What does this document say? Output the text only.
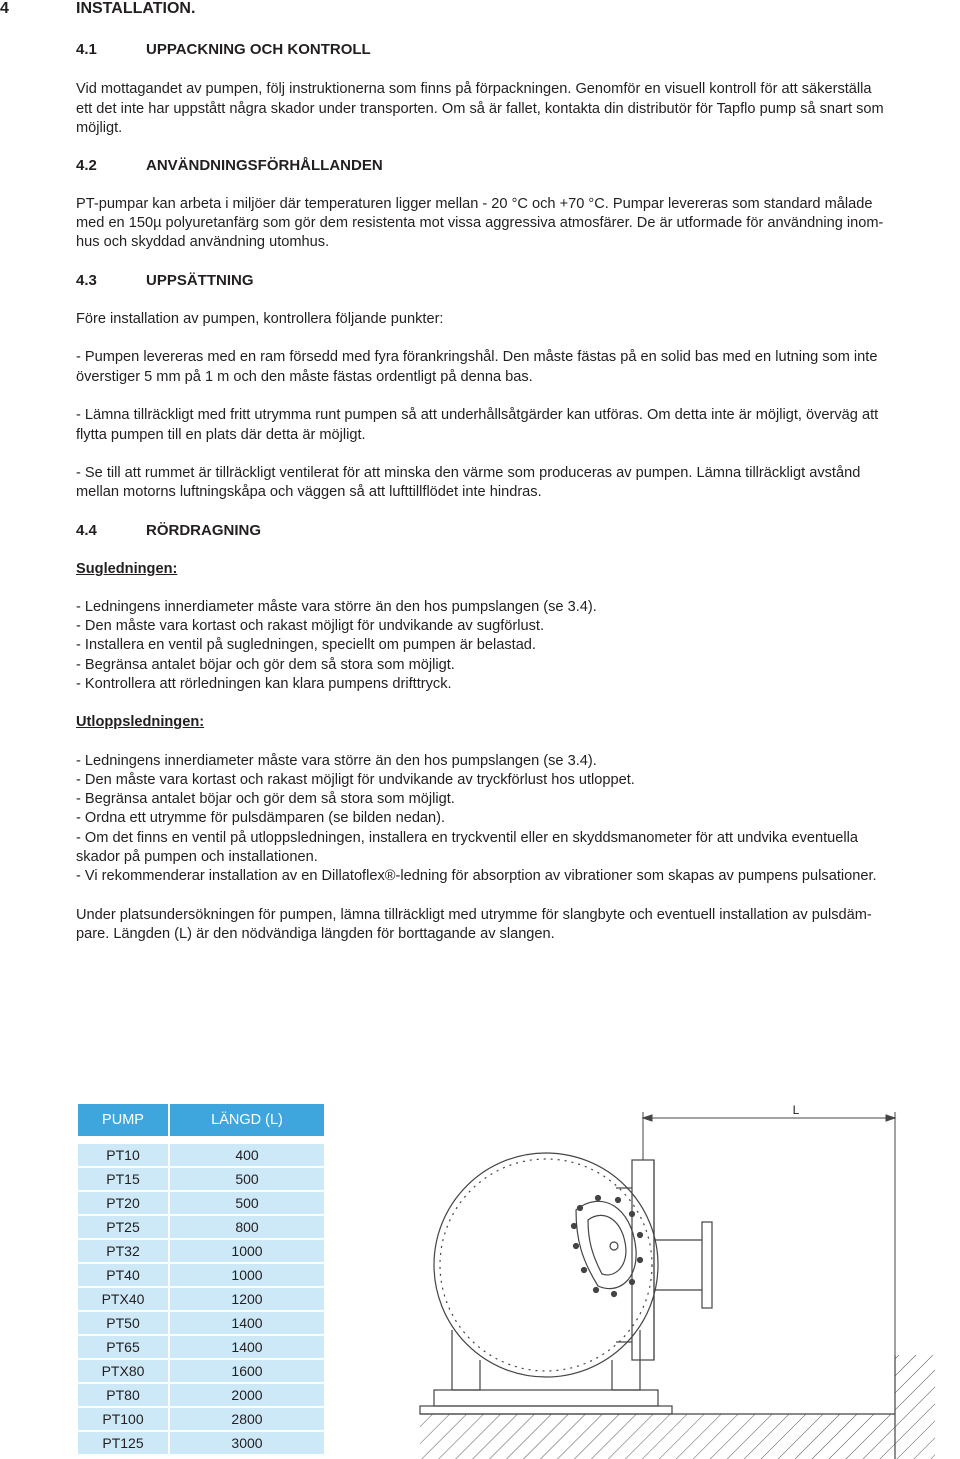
4	INSTALLATION.
4.1	UPPACKNING OCH KONTROLL
Vid mottagandet av pumpen, följ instruktionerna som finns på förpackningen. Genomför en visuell kontroll för att säkerställa
ett det inte har uppstått några skador under transporten. Om så är fallet, kontakta din distributör för Tapflo pump så snart som
möjligt.
4.2	ANVÄNDNINGSFÖRHÅLLANDEN
PT-pumpar kan arbeta i miljöer där temperaturen ligger mellan - 20 °C och +70 °C. Pumpar levereras som standard målade
med en 150µ polyuretanfärg som gör dem resistenta mot vissa aggressiva atmosfärer. De är utformade för användning inom-
hus och skyddad användning utomhus.
4.3	UPPSÄTTNING
Före installation av pumpen, kontrollera följande punkter:
- Pumpen levereras med en ram försedd med fyra förankringshål. Den måste fästas på en solid bas med en lutning som inte
överstiger 5 mm på 1 m och den måste fästas ordentligt på denna bas.
- Lämna tillräckligt med fritt utrymma runt pumpen så att underhållsåtgärder kan utföras. Om detta inte är möjligt, överväg att
flytta pumpen till en plats där detta är möjligt.
- Se till att rummet är tillräckligt ventilerat för att minska den värme som produceras av pumpen. Lämna tillräckligt avstånd
mellan motorns luftningskåpa och väggen så att lufttillflödet inte hindras.
4.4	RÖRDRAGNING
Sugledningen:
- Ledningens innerdiameter måste vara större än den hos pumpslangen (se 3.4).
- Den måste vara kortast och rakast möjligt för undvikande av sugförlust.
- Installera en ventil på sugledningen, speciellt om pumpen är belastad.
- Begränsa antalet böjar och gör dem så stora som möjligt.
- Kontrollera att rörledningen kan klara pumpens drifttryck.
Utloppsledningen:
- Ledningens innerdiameter måste vara större än den hos pumpslangen (se 3.4).
- Den måste vara kortast och rakast möjligt för undvikande av tryckförlust hos utloppet.
- Begränsa antalet böjar och gör dem så stora som möjligt.
- Ordna ett utrymme för pulsdämparen (se bilden nedan).
- Om det finns en ventil på utloppsledningen, installera en tryckventil eller en skyddsmanometer för att undvika eventuella
skador på pumpen och installationen.
- Vi rekommenderar installation av en Dillatoflex®-ledning för absorption av vibrationer som skapas av pumpens pulsationer.
Under platsundersökningen för pumpen, lämna tillräckligt med utrymme för slangbyte och eventuell installation av pulsdäm-
pare. Längden (L) är den nödvändiga längden för borttagande av slangen.
PUMP	LÄNGD (L)

PT10	400
PT15	500
PT20	500
PT25	800
PT32	1000
PT40	1000
PTX40	1200
PT50	1400
PT65	1400
PTX80	1600
PT80	2000
PT100	2800
PT125	3000
L
